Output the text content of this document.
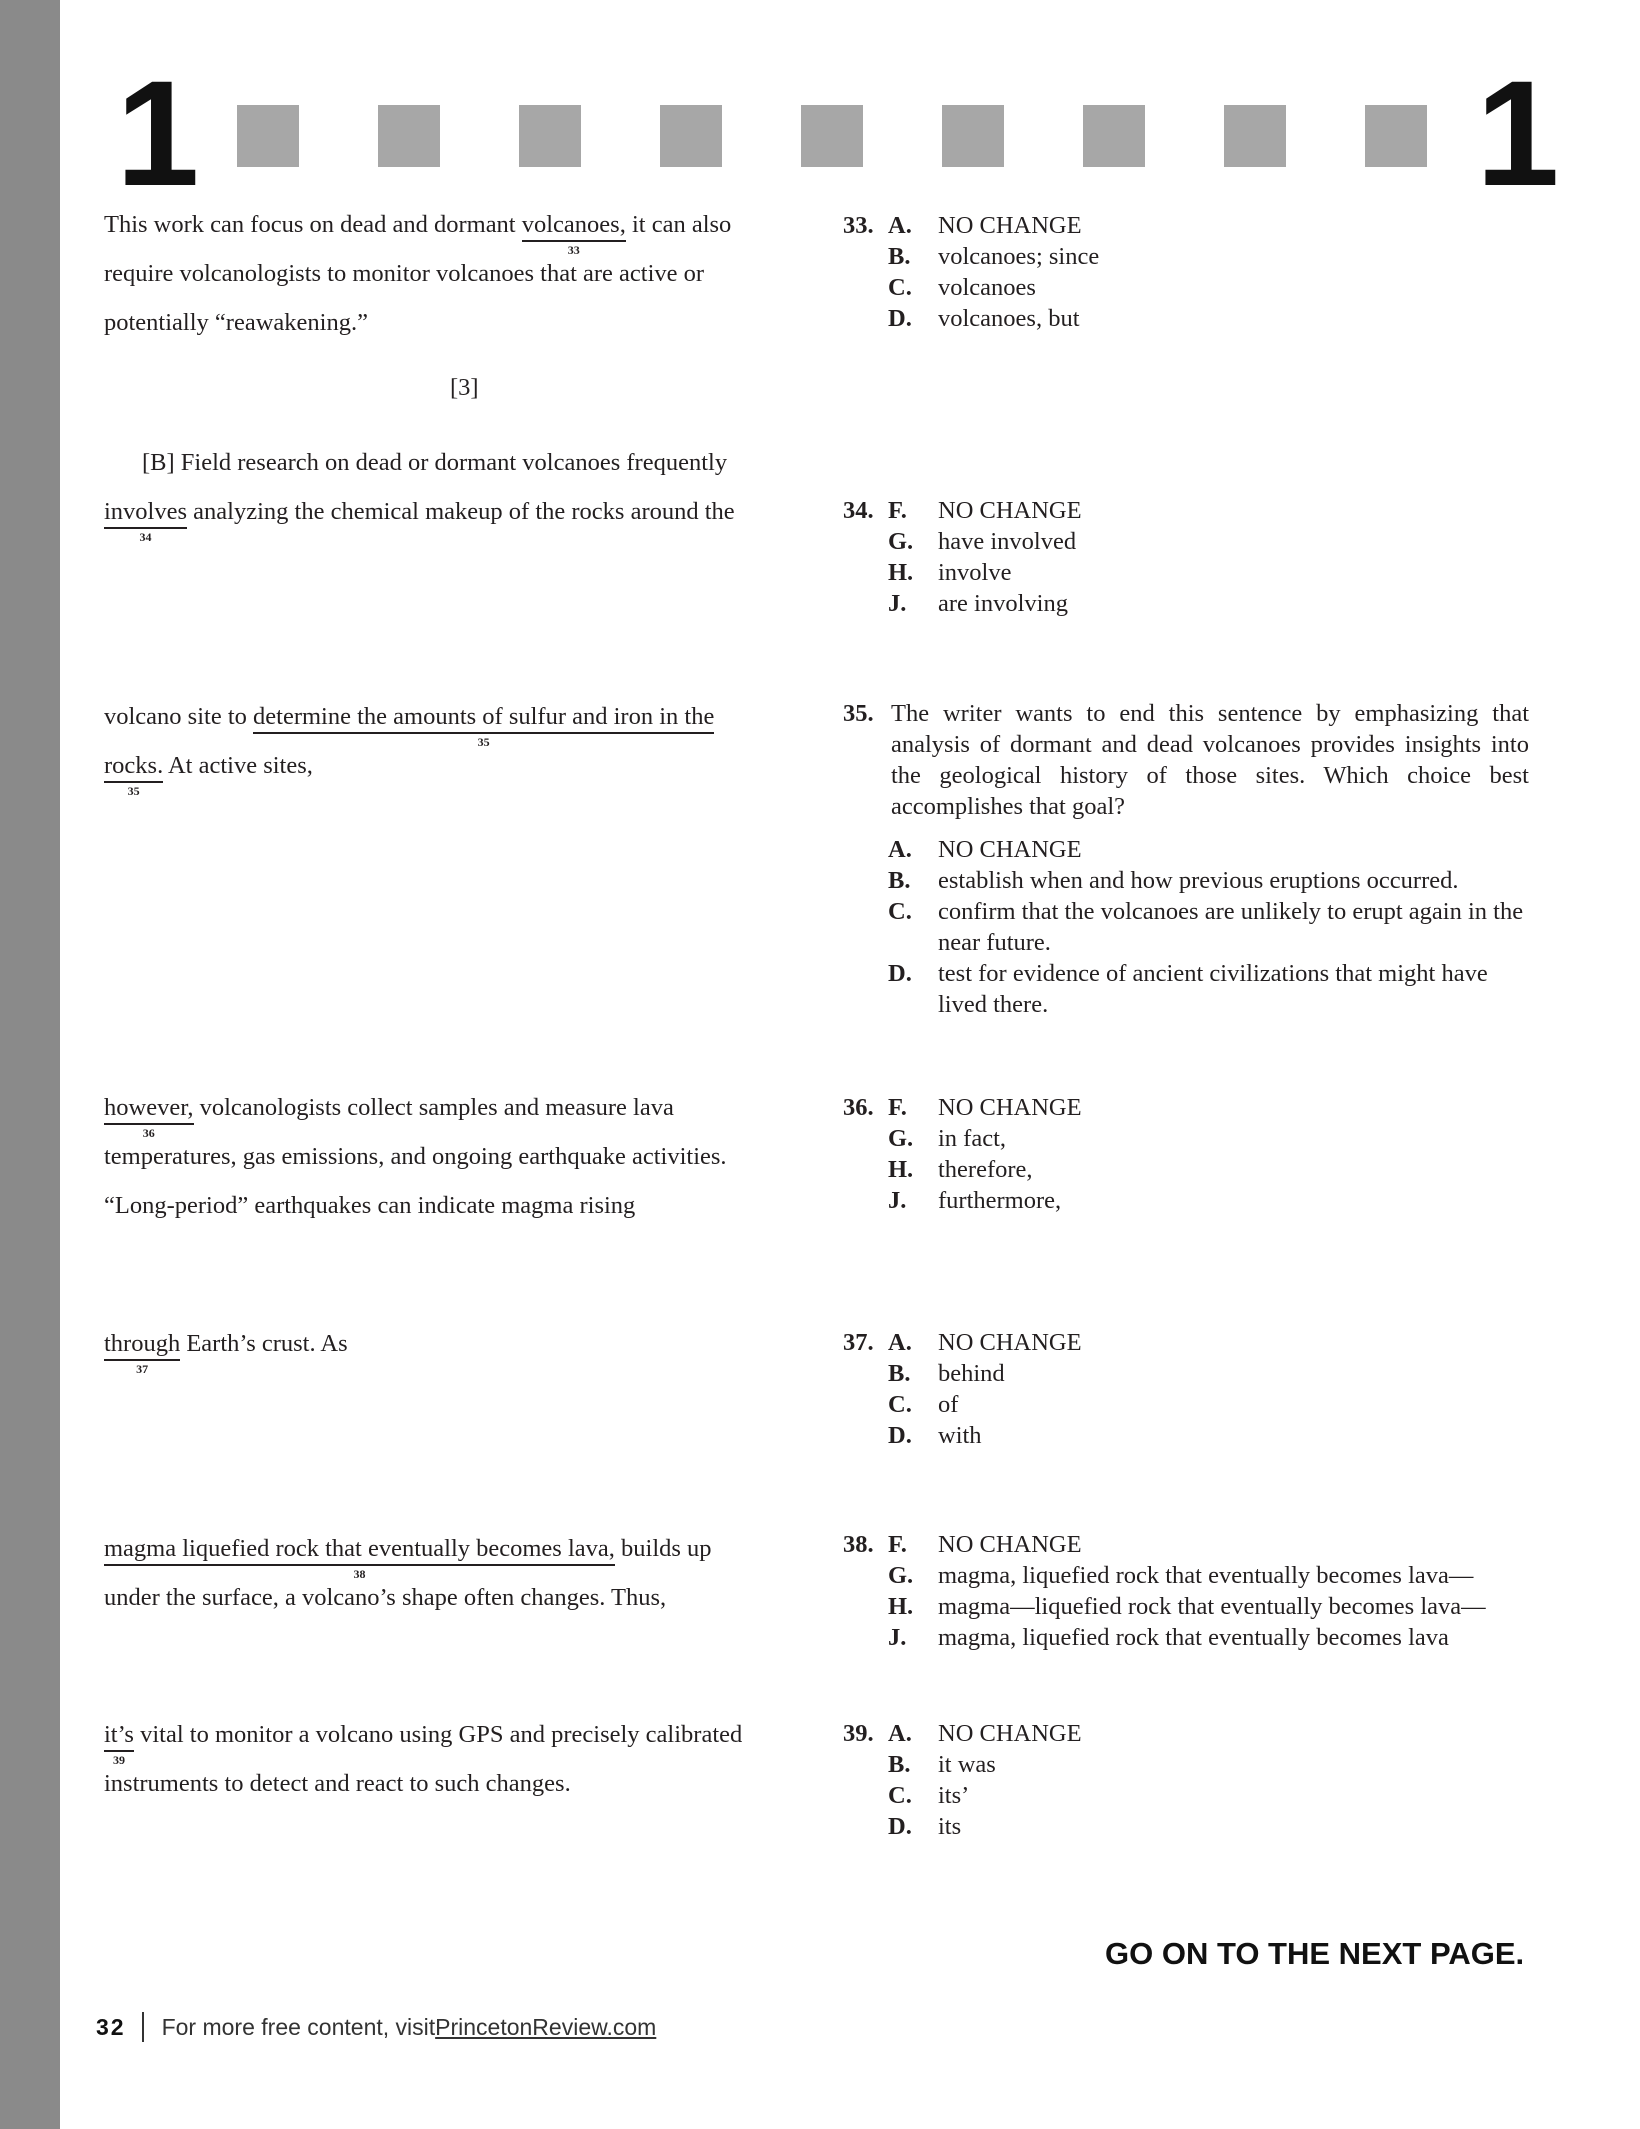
1	1
This work can focus on dead and dormant volcanoes,
33
it can also
require volcanologists to monitor volcanoes that are active or
potentially “reawakening.”
[3]
[B] Field research on dead or dormant volcanoes frequently
involves
34
analyzing the chemical makeup of the rocks around the
volcano site to determine the amounts of sulfur and iron in the
35
rocks.
35
At active sites,
however,
36
volcanologists collect samples and measure lava
temperatures, gas emissions, and ongoing earthquake activities.
“Long-period” earthquakes can indicate magma rising
through
37
Earth’s crust. As
magma liquefied rock that eventually becomes lava,
38
builds up
under the surface, a volcano’s shape often changes. Thus,
it’s
39
vital to monitor a volcano using GPS and precisely calibrated
instruments to detect and react to such changes.
33. A. NO CHANGE
B. volcanoes; since
C. volcanoes
D. volcanoes, but
34. F. NO CHANGE
G. have involved
H. involve
J. are involving
35. The writer wants to end this sentence by emphasizing that analysis of dormant and dead volcanoes provides insights into the geological history of those sites. Which choice best accomplishes that goal?
A. NO CHANGE
B. establish when and how previous eruptions occurred.
C. confirm that the volcanoes are unlikely to erupt again in the near future.
D. test for evidence of ancient civilizations that might have lived there.
36. F. NO CHANGE
G. in fact,
H. therefore,
J. furthermore,
37. A. NO CHANGE
B. behind
C. of
D. with
38. F. NO CHANGE
G. magma, liquefied rock that eventually becomes lava—
H. magma—liquefied rock that eventually becomes lava—
J. magma, liquefied rock that eventually becomes lava
39. A. NO CHANGE
B. it was
C. its’
D. its
GO ON TO THE NEXT PAGE.
32 For more free content, visit PrincetonReview.com
